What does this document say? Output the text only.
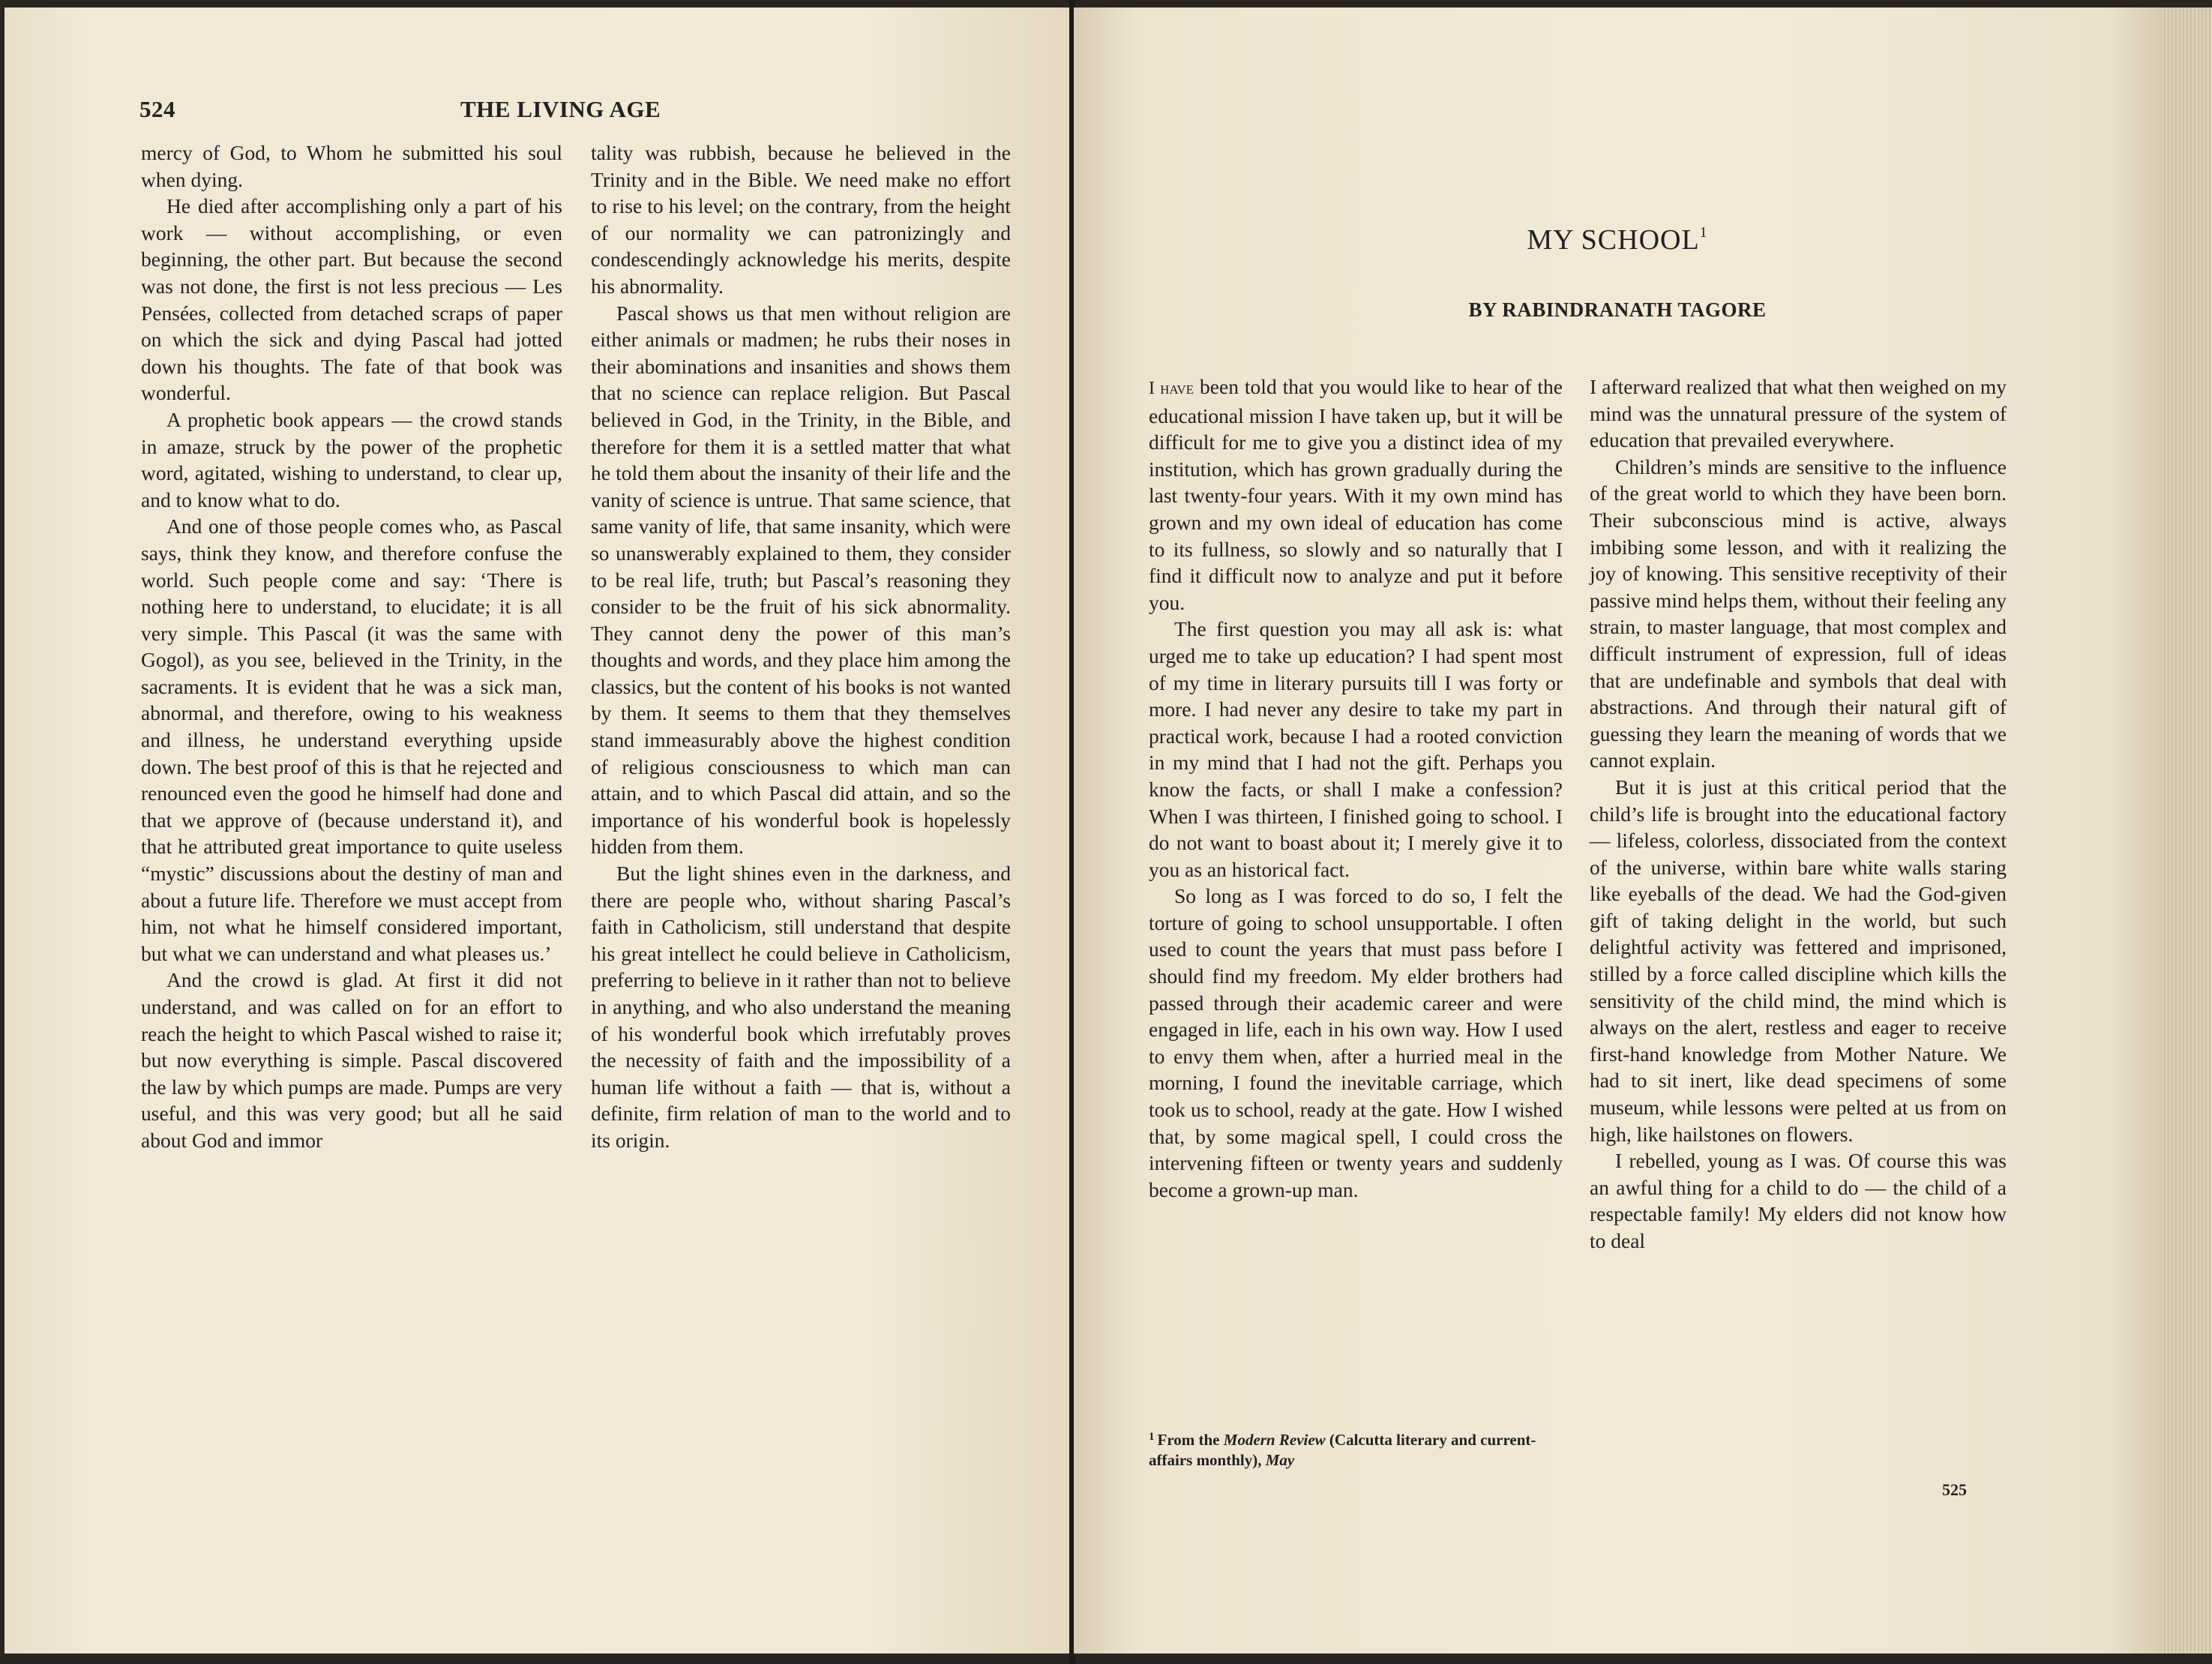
524	THE LIVING AGE

mercy of God, to Whom he submitted his soul when dying.

He died after accomplishing only a part of his work — without accomplishing, or even beginning, the other part. But because the second was not done, the first is not less precious — Les Pensées, collected from detached scraps of paper on which the sick and dying Pascal had jotted down his thoughts. The fate of that book was wonderful.

A prophetic book appears — the crowd stands in amaze, struck by the power of the prophetic word, agitated, wishing to understand, to clear up, and to know what to do.

And one of those people comes who, as Pascal says, think they know, and therefore confuse the world. Such people come and say: ‘There is nothing here to understand, to elucidate; it is all very simple. This Pascal (it was the same with Gogol), as you see, believed in the Trinity, in the sacraments. It is evident that he was a sick man, abnormal, and therefore, owing to his weakness and illness, he understand everything upside down. The best proof of this is that he rejected and renounced even the good he himself had done and that we approve of (because understand it), and that he attributed great importance to quite useless “mystic” discussions about the destiny of man and about a future life. Therefore we must accept from him, not what he himself considered important, but what we can understand and what pleases us.’

And the crowd is glad. At first it did not understand, and was called on for an effort to reach the height to which Pascal wished to raise it; but now everything is simple. Pascal discovered the law by which pumps are made. Pumps are very useful, and this was very good; but all he said about God and immor

tality was rubbish, because he believed in the Trinity and in the Bible. We need make no effort to rise to his level; on the contrary, from the height of our normality we can patronizingly and condescendingly acknowledge his merits, despite his abnormality.

Pascal shows us that men without religion are either animals or madmen; he rubs their noses in their abominations and insanities and shows them that no science can replace religion. But Pascal believed in God, in the Trinity, in the Bible, and therefore for them it is a settled matter that what he told them about the insanity of their life and the vanity of science is untrue. That same science, that same vanity of life, that same insanity, which were so unanswerably explained to them, they consider to be real life, truth; but Pascal’s reasoning they consider to be the fruit of his sick abnormality. They cannot deny the power of this man’s thoughts and words, and they place him among the classics, but the content of his books is not wanted by them. It seems to them that they themselves stand immeasurably above the highest condition of religious consciousness to which man can attain, and to which Pascal did attain, and so the importance of his wonderful book is hopelessly hidden from them.

But the light shines even in the darkness, and there are people who, without sharing Pascal’s faith in Catholicism, still understand that despite his great intellect he could believe in Catholicism, preferring to believe in it rather than not to believe in anything, and who also understand the meaning of his wonderful book which irrefutably proves the necessity of faith and the impossibility of a human life without a faith — that is, without a definite, firm relation of man to the world and to its origin.

MY SCHOOL$^1$
BY RABINDRANATH TAGORE

I have been told that you would like to hear of the educational mission I have taken up, but it will be difficult for me to give you a distinct idea of my institution, which has grown gradually during the last twenty-four years. With it my own mind has grown and my own ideal of education has come to its fullness, so slowly and so naturally that I find it difficult now to analyze and put it before you.

The first question you may all ask is: what urged me to take up education? I had spent most of my time in literary pursuits till I was forty or more. I had never any desire to take my part in practical work, because I had a rooted conviction in my mind that I had not the gift. Perhaps you know the facts, or shall I make a confession? When I was thirteen, I finished going to school. I do not want to boast about it; I merely give it to you as an historical fact.

So long as I was forced to do so, I felt the torture of going to school unsupportable. I often used to count the years that must pass before I should find my freedom. My elder brothers had passed through their academic career and were engaged in life, each in his own way. How I used to envy them when, after a hurried meal in the morning, I found the inevitable carriage, which took us to school, ready at the gate. How I wished that, by some magical spell, I could cross the intervening fifteen or twenty years and suddenly become a grown-up man.

I afterward realized that what then weighed on my mind was the unnatural pressure of the system of education that prevailed everywhere.

Children’s minds are sensitive to the influence of the great world to which they have been born. Their subconscious mind is active, always imbibing some lesson, and with it realizing the joy of knowing. This sensitive receptivity of their passive mind helps them, without their feeling any strain, to master language, that most complex and difficult instrument of expression, full of ideas that are undefinable and symbols that deal with abstractions. And through their natural gift of guessing they learn the meaning of words that we cannot explain.

But it is just at this critical period that the child’s life is brought into the educational factory — lifeless, colorless, dissociated from the context of the universe, within bare white walls staring like eyeballs of the dead. We had the God-given gift of taking delight in the world, but such delightful activity was fettered and imprisoned, stilled by a force called discipline which kills the sensitivity of the child mind, the mind which is always on the alert, restless and eager to receive first-hand knowledge from Mother Nature. We had to sit inert, like dead specimens of some museum, while lessons were pelted at us from on high, like hailstones on flowers.

I rebelled, young as I was. Of course this was an awful thing for a child to do — the child of a respectable family! My elders did not know how to deal

$^1$ From the Modern Review (Calcutta literary and current-affairs monthly), May
525
